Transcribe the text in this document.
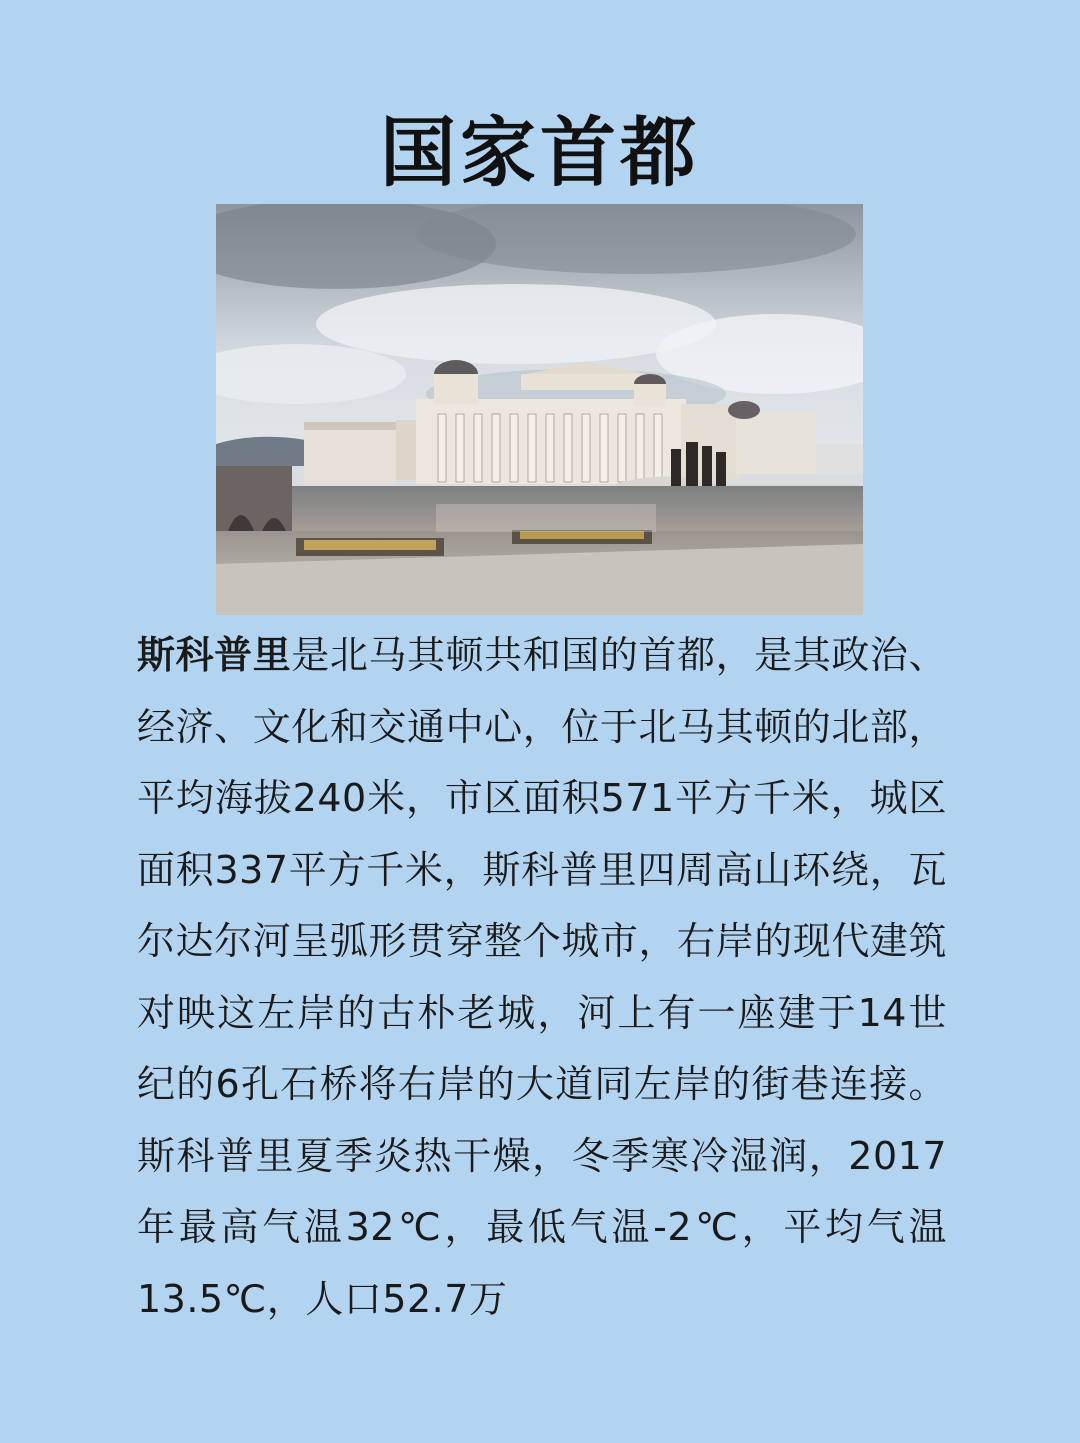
国家首都
斯科普里是北马其顿共和国的首都，是其政治、经济、文化和交通中心，位于北马其顿的北部，平均海拔240米，市区面积571平方千米，城区面积337平方千米，斯科普里四周高山环绕，瓦尔达尔河呈弧形贯穿整个城市，右岸的现代建筑对映这左岸的古朴老城，河上有一座建于14世纪的6孔石桥将右岸的大道同左岸的街巷连接。斯科普里夏季炎热干燥，冬季寒冷湿润，2017年最高气温32℃，最低气温-2℃，平均气温13.5℃，人口52.7万
